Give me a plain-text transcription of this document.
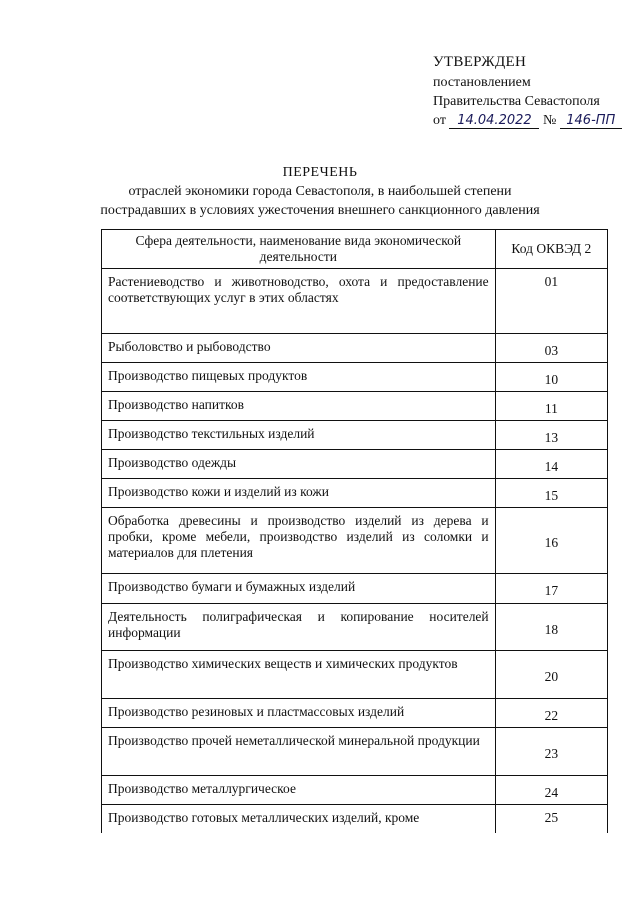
УТВЕРЖДЕН
постановлением
Правительства Севастополя
от 14.04.2022 № 146-ПП
ПЕРЕЧЕНЬ
отраслей экономики города Севастополя, в наибольшей степени
пострадавших в условиях ужесточения внешнего санкционного давления
Сфера деятельности, наименование вида экономической деятельности	Код ОКВЭД 2
Растениеводство и животноводство, охота и предоставление соответствующих услуг в этих областях	01
Рыболовство и рыбоводство	03
Производство пищевых продуктов	10
Производство напитков	11
Производство текстильных изделий	13
Производство одежды	14
Производство кожи и изделий из кожи	15
Обработка древесины и производство изделий из дерева и пробки, кроме мебели, производство изделий из соломки и материалов для плетения	16
Производство бумаги и бумажных изделий	17
Деятельность полиграфическая и копирование носителей информации	18
Производство химических веществ и химических продуктов	20
Производство резиновых и пластмассовых изделий	22
Производство прочей неметаллической минеральной продукции	23
Производство металлургическое	24
Производство готовых металлических изделий, кроме	25
